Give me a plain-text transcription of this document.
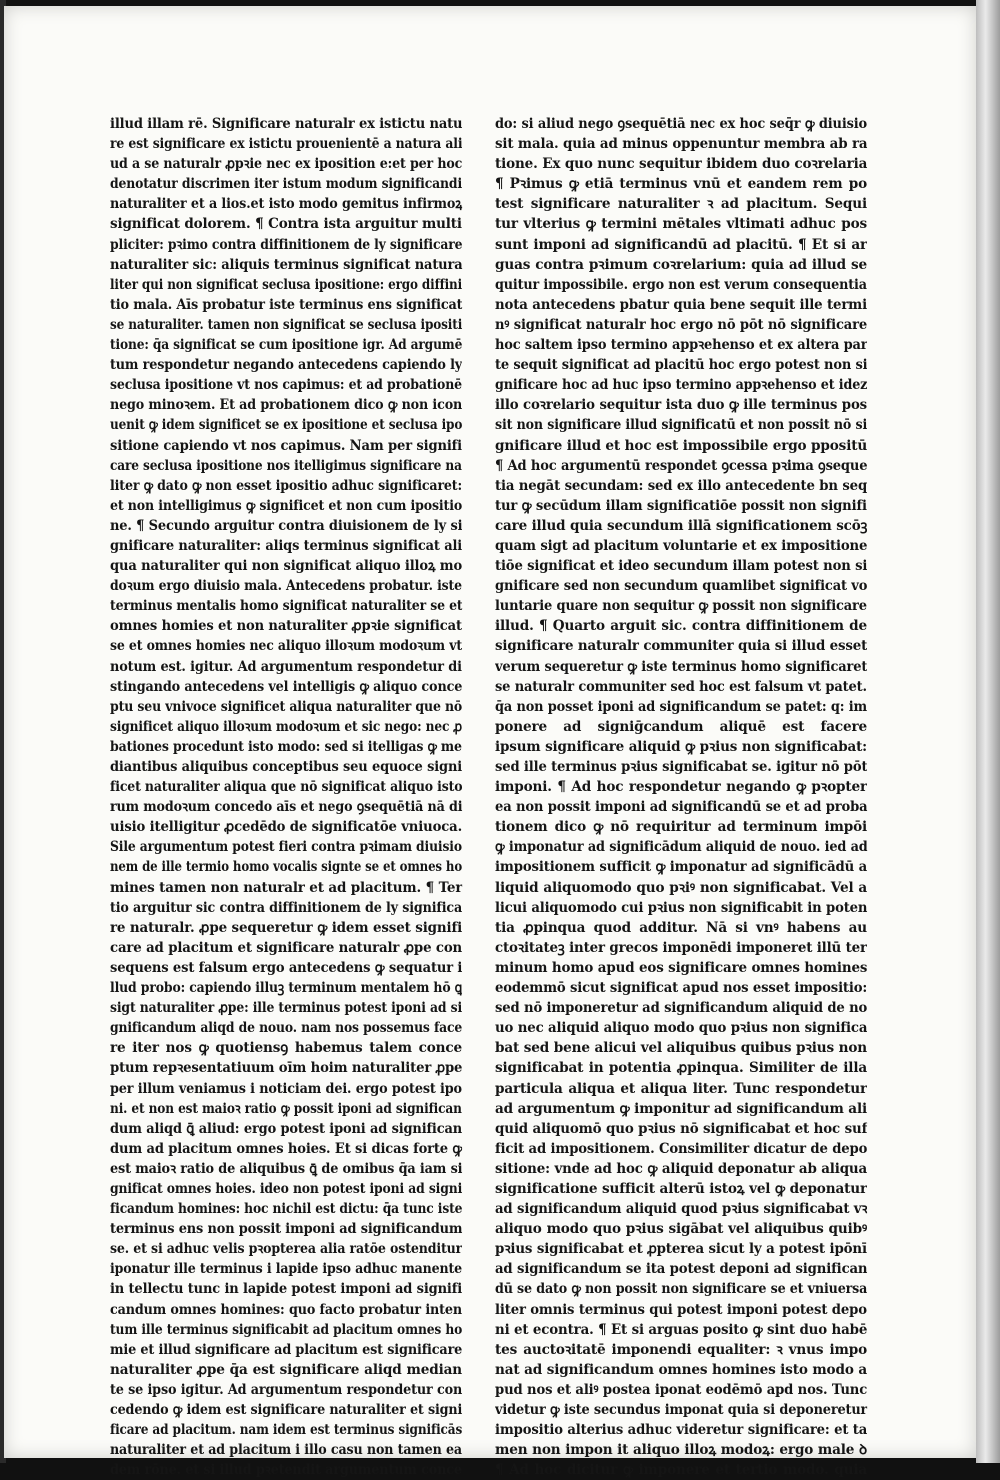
illud illam rē. Significare naturalr ex istictu natu
re est significare ex istictu prouenientē a natura ali
ud a se naturalr ꝓpꝛie nec ex iposition e:et per hoc
denotatur discrimen iter istum modum significandi
naturaliter et a lios.et isto modo gemitus infirmoꝝ
significat dolorem. ¶ Contra ista arguitur multi
pliciter: pꝛimo contra diffinitionem de ly significare
naturaliter sic: aliquis terminus significat natura
liter qui non significat seclusa ipositione: ergo diffini
tio mala. Aīs probatur iste terminus ens significat
se naturaliter. tamen non significat se seclusa ipositi
tione: q̄a significat se cum ipositione igr. Ad argumē
tum respondetur negando antecedens capiendo ly
seclusa ipositione vt nos capimus: et ad probationē
nego minoꝛem. Et ad probationem dico ꝙ non icon
uenit ꝙ idem significet se ex ipositione et seclusa ipo
sitione capiendo vt nos capimus. Nam per signifi
care seclusa ipositione nos itelligimus significare na
liter ꝙ dato ꝙ non esset ipositio adhuc significaret:
et non intelligimus ꝙ significet et non cum ipositio
ne. ¶ Secundo arguitur contra diuisionem de ly si
gnificare naturaliter: aliqs terminus significat ali
qua naturaliter qui non significat aliquo illoꝝ mo
doꝛum ergo diuisio mala. Antecedens probatur. iste
terminus mentalis homo significat naturaliter se et
omnes homies et non naturaliter ꝓpꝛie significat
se et omnes homies nec aliquo illoꝛum modoꝛum vt
notum est. igitur. Ad argumentum respondetur di
stingando antecedens vel intelligis ꝙ aliquo conce
ptu seu vnivoce significet aliqua naturaliter que nō
significet aliquo illoꝛum modoꝛum et sic nego: nec ꝓ
bationes procedunt isto modo: sed si itelligas ꝙ me
diantibus aliquibus conceptibus seu equoce signi
ficet naturaliter aliqua que nō significat aliquo isto
rum modoꝛum concedo aīs et nego ꝯsequētiā nā di
uisio itelligitur ꝓcedēdo de significatōe vniuoca.
Sile argumentum potest fieri contra pꝛimam diuisio
nem de ille termio homo vocalis signte se et omnes ho
mines tamen non naturalr et ad placitum. ¶ Ter
tio arguitur sic contra diffinitionem de ly significa
re naturalr. ꝓpe sequeretur ꝙ idem esset signifi
care ad placitum et significare naturalr ꝓpe con
sequens est falsum ergo antecedens ꝙ sequatur i
llud probo: capiendo illuꝫ terminum mentalem hō ꝗ
sigt naturaliter ꝓpe: ille terminus potest iponi ad si
gnificandum aliqd de nouo. nam nos possemus face
re iter nos ꝙ quotiensꝯ habemus talem conce
ptum repꝛesentatiuum oīm hoim naturaliter ꝓpe
per illum veniamus i noticiam dei. ergo potest ipo
ni. et non est maioꝛ ratio ꝙ possit iponi ad significan
dum aliqd ꝗ̄ aliud: ergo potest iponi ad significan
dum ad placitum omnes hoies. Et si dicas forte ꝙ
est maioꝛ ratio de aliquibus ꝗ̄ de omibus q̄a iam si
gnificat omnes hoies. ideo non potest iponi ad signi
ficandum homines: hoc nichil est dictu: q̄a tunc iste
terminus ens non possit imponi ad significandum
se. et si adhuc velis pꝛopterea alia ratōe ostenditur
iponatur ille terminus i lapide ipso adhuc manente
in tellectu tunc in lapide potest imponi ad signifi
candum omnes homines: quo facto probatur inten
tum ille terminus significabit ad placitum omnes ho
mie et illud significare ad placitum est significare
naturaliter ꝓpe q̄a est significare aliqd median
te se ipso igitur. Ad argumentum respondetur con
cedendo ꝙ idem est significare naturaliter et signi
ficare ad placitum. nam idem est terminus significās
naturaliter et ad placitum i illo casu non tamen ea
dem rōne. et si illud pꝛetendit argumentum conce
do: si aliud nego ꝯsequētiā nec ex hoc seq̄r ꝙ diuisio
sit mala. quia ad minus oppenuntur membra ab ra
tione. Ex quo nunc sequitur ibidem duo coꝛrelaria
¶ Pꝛimus ꝙ etiā terminus vnū et eandem rem po
test significare naturaliter ꝛ ad placitum. Sequi
tur vlterius ꝙ termini mētales vltimati adhuc pos
sunt imponi ad significandū ad placitū. ¶ Et si ar
guas contra pꝛimum coꝛrelarium: quia ad illud se
quitur impossibile. ergo non est verum consequentia
nota antecedens pbatur quia bene sequit ille termi
nꝰ significat naturalr hoc ergo nō pōt nō significare
hoc saltem ipso termino appꝛehenso et ex altera par
te sequit significat ad placitū hoc ergo potest non si
gnificare hoc ad huc ipso termino appꝛehenso et idez
illo coꝛrelario sequitur ista duo ꝙ ille terminus pos
sit non significare illud significatū et non possit nō si
gnificare illud et hoc est impossibile ergo ppositū
¶ Ad hoc argumentū respondet ꝯcessa pꝛima ꝯseque
tia negāt secundam: sed ex illo antecedente bn seq
tur ꝙ secūdum illam significatiōe possit non signifi
care illud quia secundum illā significationem scōꝫ
quam sigt ad placitum voluntarie et ex impositione
tiōe significat et ideo secundum illam potest non si
gnificare sed non secundum quamlibet significat vo
luntarie quare non sequitur ꝙ possit non significare
illud. ¶ Quarto arguit sic. contra diffinitionem de
significare naturalr communiter quia si illud esset
verum sequeretur ꝙ iste terminus homo significaret
se naturalr communiter sed hoc est falsum vt patet.
q̄a non posset iponi ad significandum se patet: q: im
ponere ad signiḡcandum aliquē est facere
ipsum significare aliquid ꝙ pꝛius non significabat:
sed ille terminus pꝛius significabat se. igitur nō pōt
imponi. ¶ Ad hoc respondetur negando ꝙ pꝛopter
ea non possit imponi ad significandū se et ad proba
tionem dico ꝙ nō requiritur ad terminum impōi
ꝙ imponatur ad significādum aliquid de nouo. ied ad
impositionem sufficit ꝙ imponatur ad significādū a
liquid aliquomodo quo pꝛiꝰ non significabat. Vel a
licui aliquomodo cui pꝛius non significabit in poten
tia ꝓpinqua quod additur. Nā si vnꝰ habens au
ctoꝛitateꝫ inter grecos imponēdi imponeret illū ter
minum homo apud eos significare omnes homines
eodemmō sicut significat apud nos esset impositio:
sed nō imponeretur ad significandum aliquid de no
uo nec aliquid aliquo modo quo pꝛius non significa
bat sed bene alicui vel aliquibus quibus pꝛius non
significabat in potentia ꝓpinqua. Similiter de illa
particula aliqua et aliqua liter. Tunc respondetur
ad argumentum ꝙ imponitur ad significandum ali
quid aliquomō quo pꝛius nō significabat et hoc suf
ficit ad impositionem. Consimiliter dicatur de depo
sitione: vnde ad hoc ꝙ aliquid deponatur ab aliqua
significatione sufficit alterū istoꝝ vel ꝙ deponatur
ad significandum aliquid quod pꝛius significabat vꝛ
aliquo modo quo pꝛius sigābat vel aliquibus quibꝰ
pꝛius significabat et ꝓpterea sicut ly a potest ipōnī
ad significandum se ita potest deponi ad significan
dū se dato ꝙ non possit non significare se et vniuersa
liter omnis terminus qui potest imponi potest depo
ni et econtra. ¶ Et si arguas posito ꝙ sint duo habē
tes auctoꝛitatē imponendi equaliter: ꝛ vnus impo
nat ad significandum omnes homines isto modo a
pud nos et aliꝰ postea iponat eodēmō apd nos. Tunc
videtur ꝙ iste secundus imponat quia si deponeretur
impositio alterius adhuc videretur significare: et ta
men non impon it aliquo illoꝝ modoꝝ: ergo male ꝺ
¶ Ad hoc dicitur ꝙ imponere et tertio modo. quia
